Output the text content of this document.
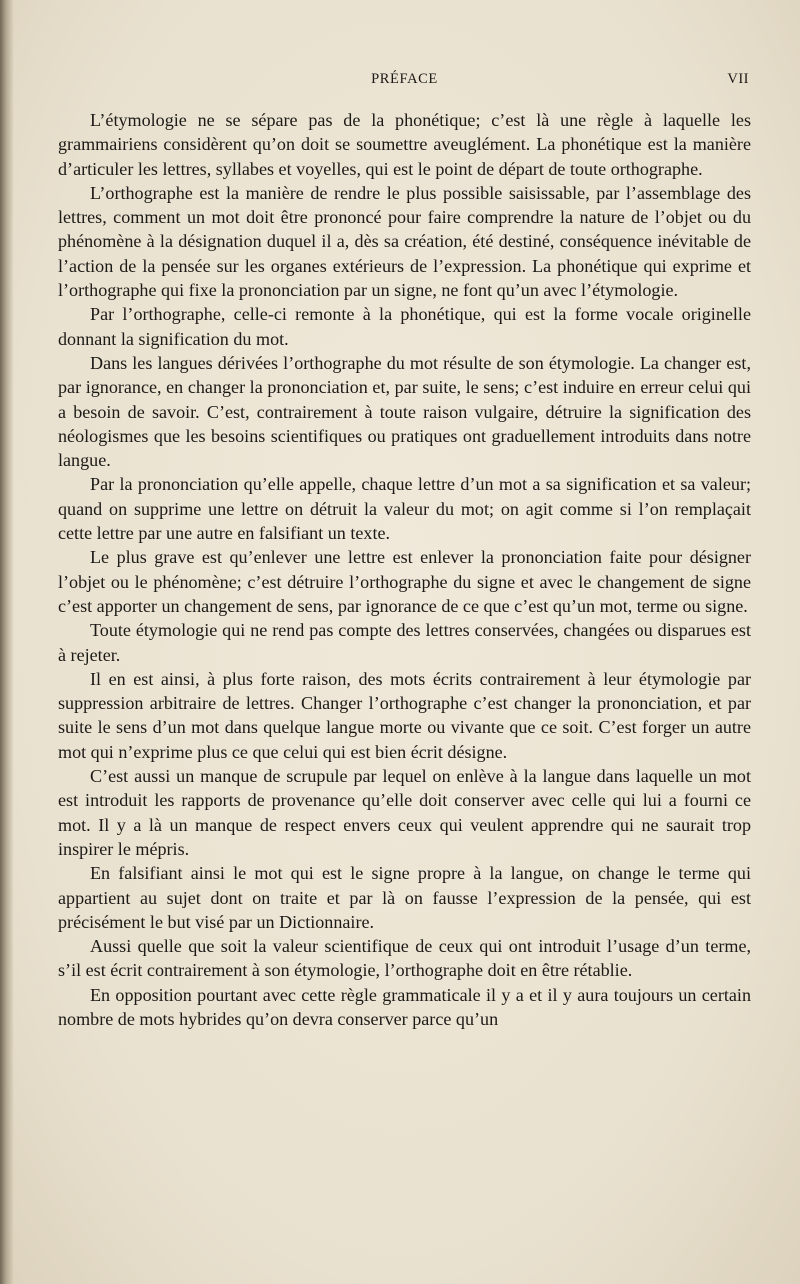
PRÉFACE	VII

L’étymologie ne se sépare pas de la phonétique; c’est là une règle à laquelle les grammairiens considèrent qu’on doit se soumettre aveuglément. La phonétique est la manière d’articuler les lettres, syllabes et voyelles, qui est le point de départ de toute orthographe.

L’orthographe est la manière de rendre le plus possible saisissable, par l’assemblage des lettres, comment un mot doit être prononcé pour faire comprendre la nature de l’objet ou du phénomène à la désignation duquel il a, dès sa création, été destiné, conséquence inévitable de l’action de la pensée sur les organes extérieurs de l’expression. La phonétique qui exprime et l’orthographe qui fixe la prononciation par un signe, ne font qu’un avec l’étymologie.

Par l’orthographe, celle-ci remonte à la phonétique, qui est la forme vocale originelle donnant la signification du mot.

Dans les langues dérivées l’orthographe du mot résulte de son étymologie. La changer est, par ignorance, en changer la prononciation et, par suite, le sens; c’est induire en erreur celui qui a besoin de savoir. C’est, contrairement à toute raison vulgaire, détruire la signification des néologismes que les besoins scientifiques ou pratiques ont graduellement introduits dans notre langue.

Par la prononciation qu’elle appelle, chaque lettre d’un mot a sa signification et sa valeur; quand on supprime une lettre on détruit la valeur du mot; on agit comme si l’on remplaçait cette lettre par une autre en falsifiant un texte.

Le plus grave est qu’enlever une lettre est enlever la prononciation faite pour désigner l’objet ou le phénomène; c’est détruire l’orthographe du signe et avec le changement de signe c’est apporter un changement de sens, par ignorance de ce que c’est qu’un mot, terme ou signe.

Toute étymologie qui ne rend pas compte des lettres conservées, changées ou disparues est à rejeter.

Il en est ainsi, à plus forte raison, des mots écrits contrairement à leur étymologie par suppression arbitraire de lettres. Changer l’orthographe c’est changer la prononciation, et par suite le sens d’un mot dans quelque langue morte ou vivante que ce soit. C’est forger un autre mot qui n’exprime plus ce que celui qui est bien écrit désigne.

C’est aussi un manque de scrupule par lequel on enlève à la langue dans laquelle un mot est introduit les rapports de provenance qu’elle doit conserver avec celle qui lui a fourni ce mot. Il y a là un manque de respect envers ceux qui veulent apprendre qui ne saurait trop inspirer le mépris.

En falsifiant ainsi le mot qui est le signe propre à la langue, on change le terme qui appartient au sujet dont on traite et par là on fausse l’expression de la pensée, qui est précisément le but visé par un Dictionnaire.

Aussi quelle que soit la valeur scientifique de ceux qui ont introduit l’usage d’un terme, s’il est écrit contrairement à son étymologie, l’orthographe doit en être rétablie.

En opposition pourtant avec cette règle grammaticale il y a et il y aura toujours un certain nombre de mots hybrides qu’on devra conserver parce qu’un
